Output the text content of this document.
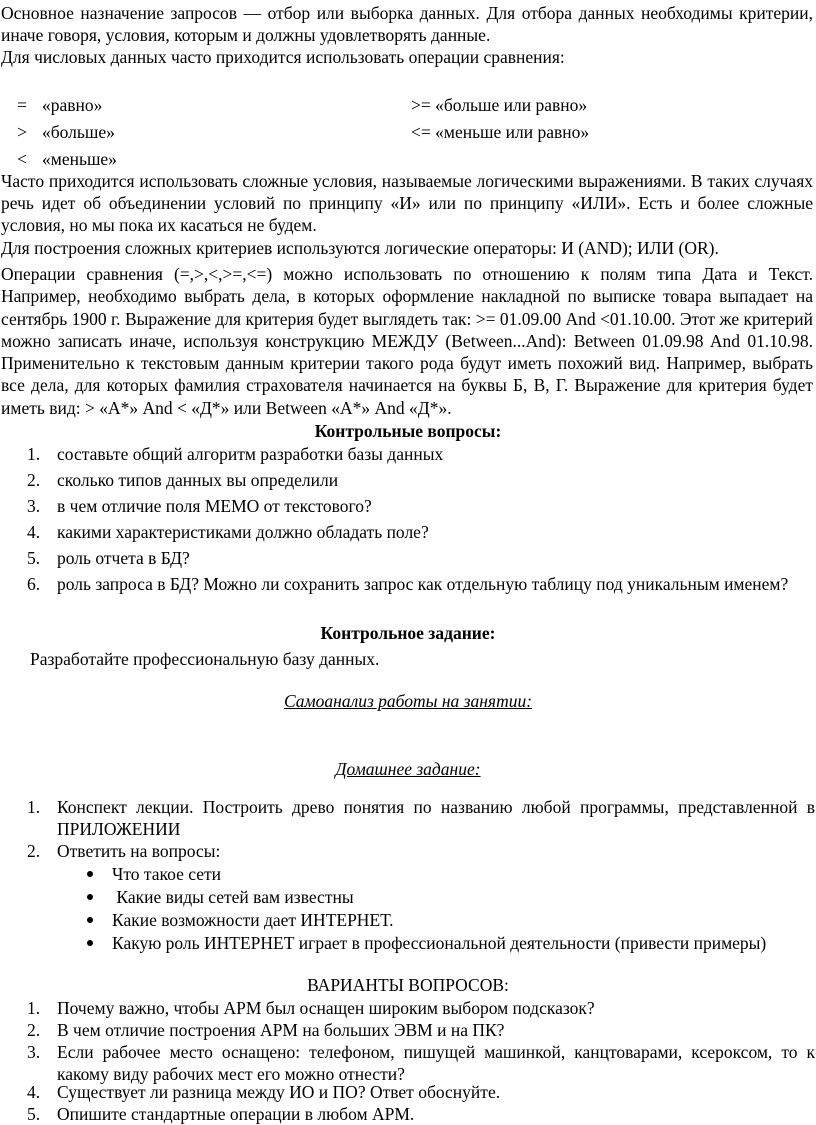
Основное назначение запросов — отбор или выборка данных. Для отбора данных необходимы критерии, иначе говоря, условия, которым и должны удовлетворять данные.

Для числовых данных часто приходится использовать операции сравнения:

= «равно»	>= «больше или равно»
> «больше»	<= «меньше или равно»
< «меньше»

Часто приходится использовать сложные условия, называемые логическими выражениями. В таких случаях речь идет об объединении условий по принципу «И» или по принципу «ИЛИ». Есть и более сложные условия, но мы пока их касаться не будем.

Для построения сложных критериев используются логические операторы: И (AND); ИЛИ (OR).

Операции сравнения (=,>,<,>=,<=) можно использовать по отношению к полям типа Дата и Текст. Например, необходимо выбрать дела, в которых оформление накладной по выписке товара выпадает на сентябрь 1900 г. Выражение для критерия будет выглядеть так: >= 01.09.00 And <01.10.00. Этот же критерий можно записать иначе, используя конструкцию МЕЖДУ (Between...And): Between 01.09.98 And 01.10.98. Применительно к текстовым данным критерии такого рода будут иметь похожий вид. Например, выбрать все дела, для которых фамилия страхователя начинается на буквы Б, В, Г. Выражение для критерия будет иметь вид: > «А*» And < «Д*» или Between «А*» And «Д*».

Контрольные вопросы:
1. составьте общий алгоритм разработки базы данных
2. сколько типов данных вы определили
3. в чем отличие поля МЕМО от текстового?
4. какими характеристиками должно обладать поле?
5. роль отчета в БД?
6. роль запроса в БД? Можно ли сохранить запрос как отдельную таблицу под уникальным именем?
Контрольное задание:
Разработайте профессиональную базу данных.
Самоанализ работы на занятии:
Домашнее задание:
1. Конспект лекции. Построить древо понятия по названию любой программы, представленной в ПРИЛОЖЕНИИ
2. Ответить на вопросы:
Что такое сети
Какие виды сетей вам известны
Какие возможности дает ИНТЕРНЕТ.
Какую роль ИНТЕРНЕТ играет в профессиональной деятельности (привести примеры)
ВАРИАНТЫ ВОПРОСОВ:
1. Почему важно, чтобы АРМ был оснащен широким выбором подсказок?
2. В чем отличие построения АРМ на больших ЭВМ и на ПК?
3. Если рабочее место оснащено: телефоном, пишущей машинкой, канцтоварами, ксероксом, то к какому виду рабочих мест его можно отнести?
4. Существует ли разница между ИО и ПО? Ответ обоснуйте.
5. Опишите стандартные операции в любом АРМ.
